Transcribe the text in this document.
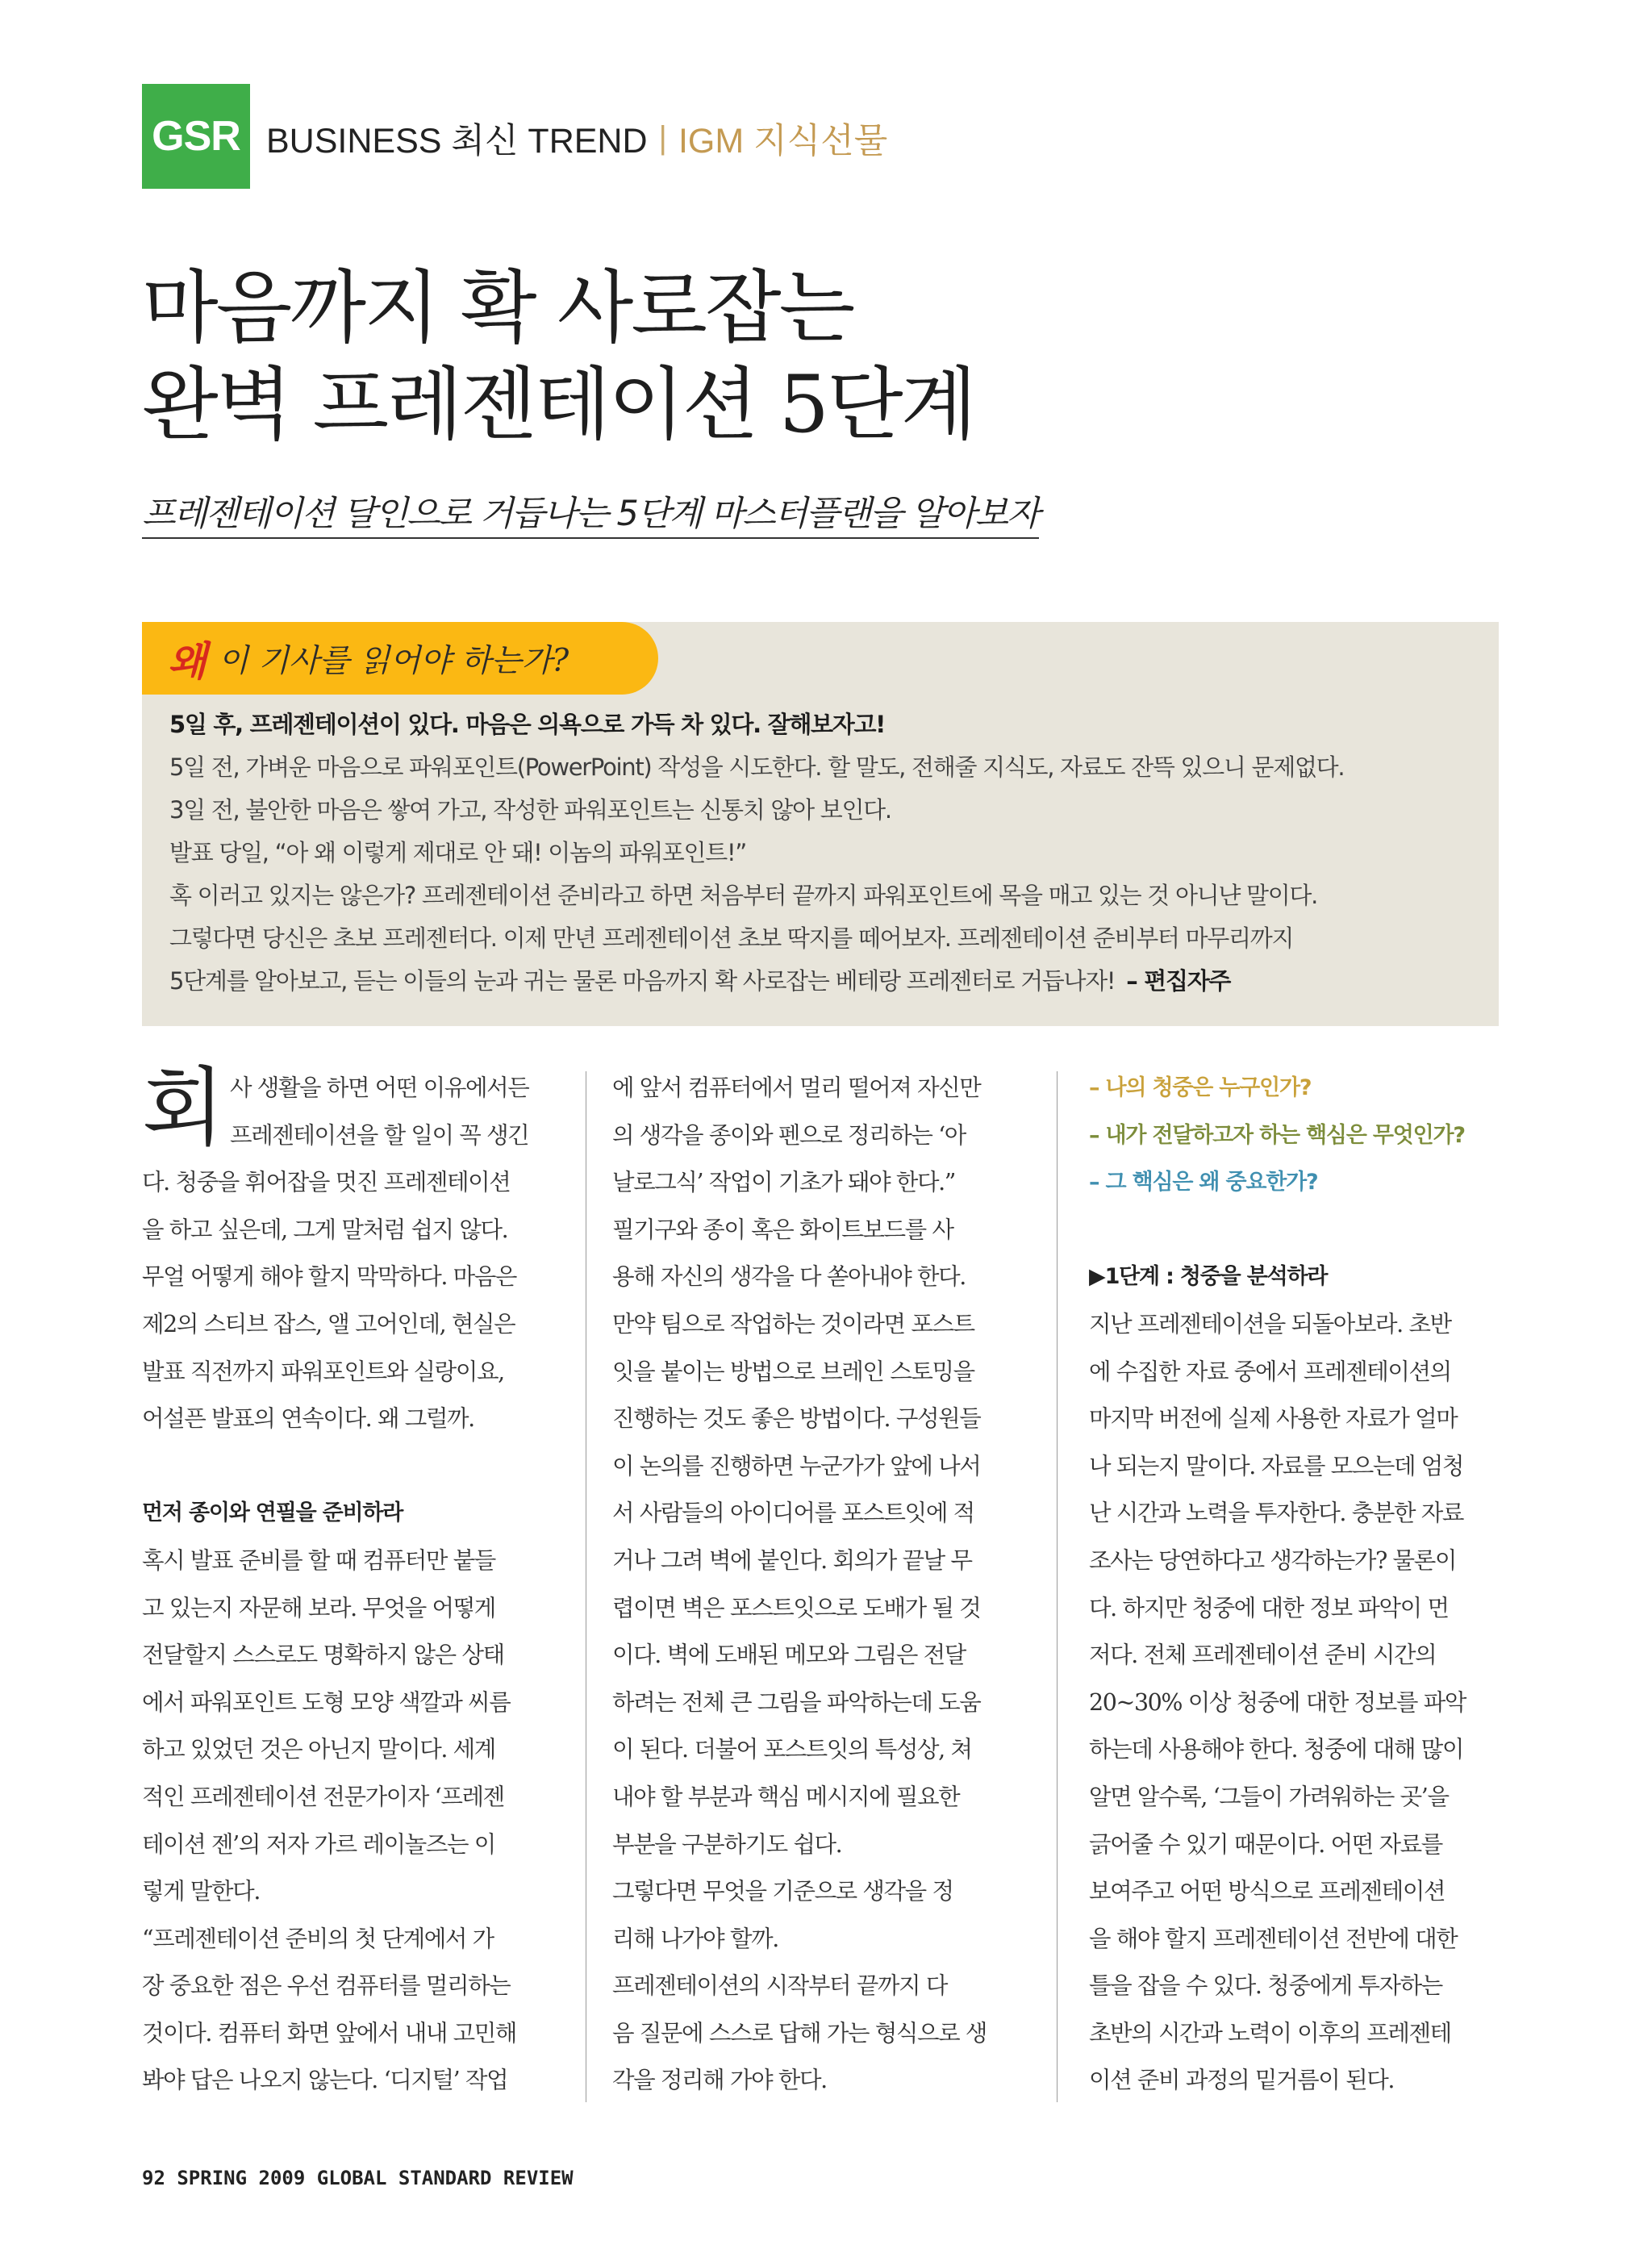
GSR BUSINESS 최신 TREND | IGM 지식선물
마음까지 확 사로잡는
완벽 프레젠테이션 5단계
프레젠테이션 달인으로 거듭나는 5단계 마스터플랜을 알아보자
왜 이 기사를 읽어야 하는가?
5일 후, 프레젠테이션이 있다. 마음은 의욕으로 가득 차 있다. 잘해보자고!
5일 전, 가벼운 마음으로 파워포인트(PowerPoint) 작성을 시도한다. 할 말도, 전해줄 지식도, 자료도 잔뜩 있으니 문제없다.
3일 전, 불안한 마음은 쌓여 가고, 작성한 파워포인트는 신통치 않아 보인다.
발표 당일, “아 왜 이렇게 제대로 안 돼! 이놈의 파워포인트!”
혹 이러고 있지는 않은가? 프레젠테이션 준비라고 하면 처음부터 끝까지 파워포인트에 목을 매고 있는 것 아니냔 말이다.
그렇다면 당신은 초보 프레젠터다. 이제 만년 프레젠테이션 초보 딱지를 떼어보자. 프레젠테이션 준비부터 마무리까지
5단계를 알아보고, 듣는 이들의 눈과 귀는 물론 마음까지 확 사로잡는 베테랑 프레젠터로 거듭나자! – 편집자주
회 사 생활을 하면 어떤 이유에서든
프레젠테이션을 할 일이 꼭 생긴
다. 청중을 휘어잡을 멋진 프레젠테이션
을 하고 싶은데, 그게 말처럼 쉽지 않다.
무얼 어떻게 해야 할지 막막하다. 마음은
제2의 스티브 잡스, 앨 고어인데, 현실은
발표 직전까지 파워포인트와 실랑이요,
어설픈 발표의 연속이다. 왜 그럴까.
먼저 종이와 연필을 준비하라
혹시 발표 준비를 할 때 컴퓨터만 붙들
고 있는지 자문해 보라. 무엇을 어떻게
전달할지 스스로도 명확하지 않은 상태
에서 파워포인트 도형 모양 색깔과 씨름
하고 있었던 것은 아닌지 말이다. 세계
적인 프레젠테이션 전문가이자 ‘프레젠
테이션 젠’의 저자 가르 레이놀즈는 이
렇게 말한다.
“프레젠테이션 준비의 첫 단계에서 가
장 중요한 점은 우선 컴퓨터를 멀리하는
것이다. 컴퓨터 화면 앞에서 내내 고민해
봐야 답은 나오지 않는다. ‘디지털’ 작업
에 앞서 컴퓨터에서 멀리 떨어져 자신만
의 생각을 종이와 펜으로 정리하는 ‘아
날로그식’ 작업이 기초가 돼야 한다.”
필기구와 종이 혹은 화이트보드를 사
용해 자신의 생각을 다 쏟아내야 한다.
만약 팀으로 작업하는 것이라면 포스트
잇을 붙이는 방법으로 브레인 스토밍을
진행하는 것도 좋은 방법이다. 구성원들
이 논의를 진행하면 누군가가 앞에 나서
서 사람들의 아이디어를 포스트잇에 적
거나 그려 벽에 붙인다. 회의가 끝날 무
렵이면 벽은 포스트잇으로 도배가 될 것
이다. 벽에 도배된 메모와 그림은 전달
하려는 전체 큰 그림을 파악하는데 도움
이 된다. 더불어 포스트잇의 특성상, 쳐
내야 할 부분과 핵심 메시지에 필요한
부분을 구분하기도 쉽다.
그렇다면 무엇을 기준으로 생각을 정
리해 나가야 할까.
프레젠테이션의 시작부터 끝까지 다
음 질문에 스스로 답해 가는 형식으로 생
각을 정리해 가야 한다.
– 나의 청중은 누구인가?
– 내가 전달하고자 하는 핵심은 무엇인가?
– 그 핵심은 왜 중요한가?
▶1단계 : 청중을 분석하라
지난 프레젠테이션을 되돌아보라. 초반
에 수집한 자료 중에서 프레젠테이션의
마지막 버전에 실제 사용한 자료가 얼마
나 되는지 말이다. 자료를 모으는데 엄청
난 시간과 노력을 투자한다. 충분한 자료
조사는 당연하다고 생각하는가? 물론이
다. 하지만 청중에 대한 정보 파악이 먼
저다. 전체 프레젠테이션 준비 시간의
20~30% 이상 청중에 대한 정보를 파악
하는데 사용해야 한다. 청중에 대해 많이
알면 알수록, ‘그들이 가려워하는 곳’을
긁어줄 수 있기 때문이다. 어떤 자료를
보여주고 어떤 방식으로 프레젠테이션
을 해야 할지 프레젠테이션 전반에 대한
틀을 잡을 수 있다. 청중에게 투자하는
초반의 시간과 노력이 이후의 프레젠테
이션 준비 과정의 밑거름이 된다.
92 SPRING 2009 GLOBAL STANDARD REVIEW
